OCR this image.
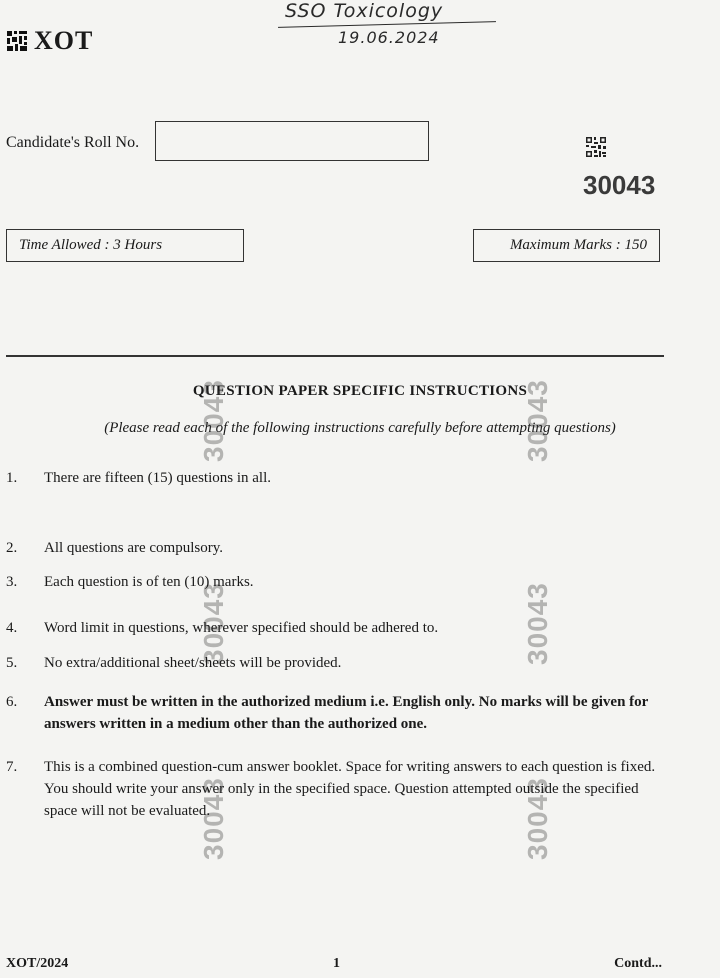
SSO Toxicology
19.06.2024
XOT
Candidate's Roll No.
30043
Time Allowed : 3 Hours	Maximum Marks : 150
QUESTION PAPER SPECIFIC INSTRUCTIONS
(Please read each of the following instructions carefully before attempting questions)
30043	30043
30043	30043
30043	30043
1.	There are fifteen (15) questions in all.
2.	All questions are compulsory.
3.	Each question is of ten (10) marks.
4.	Word limit in questions, wherever specified should be adhered to.
5.	No extra/additional sheet/sheets will be provided.
6.	Answer must be written in the authorized medium i.e. English only. No marks will be given for answers written in a medium other than the authorized one.
7.	This is a combined question-cum answer booklet. Space for writing answers to each question is fixed. You should write your answer only in the specified space. Question attempted outside the specified space will not be evaluated.
XOT/2024	1	Contd...
